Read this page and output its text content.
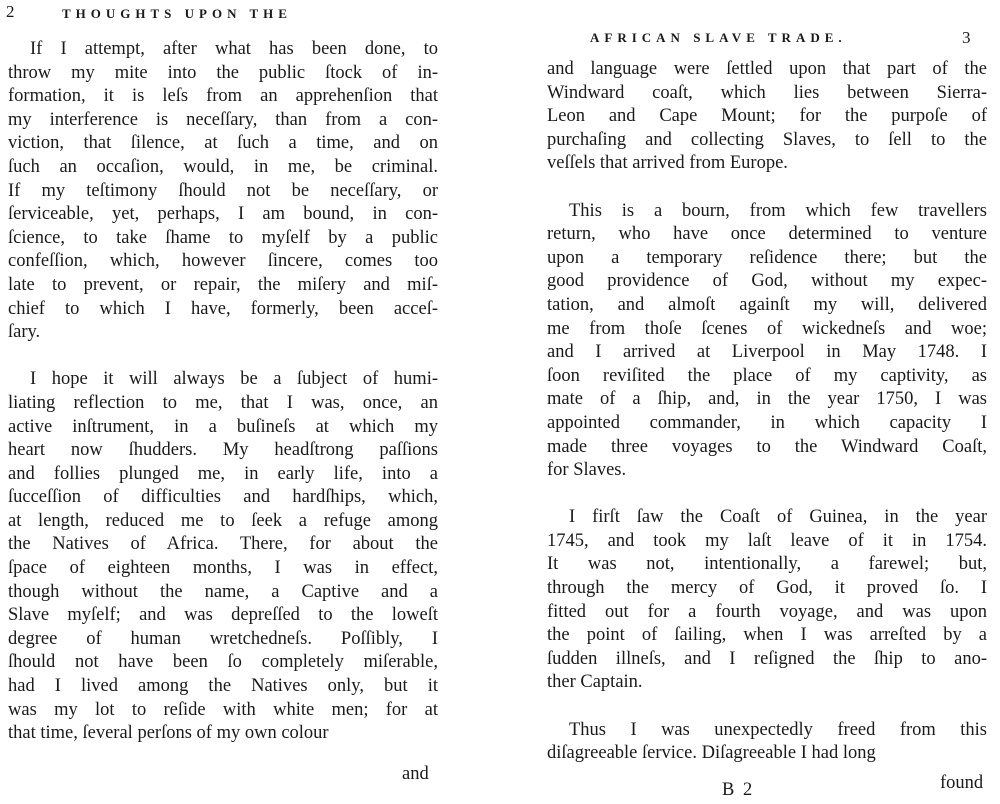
2	THOUGHTS UPON THE
If I attempt, after what has been done, to
throw my mite into the public ſtock of in-
formation, it is leſs from an apprehenſion that
my interference is neceſſary, than from a con-
viction, that ſilence, at ſuch a time, and on
ſuch an occaſion, would, in me, be criminal.
If my teſtimony ſhould not be neceſſary, or
ſerviceable, yet, perhaps, I am bound, in con-
ſcience, to take ſhame to myſelf by a public
confeſſion, which, however ſincere, comes too
late to prevent, or repair, the miſery and miſ-
chief to which I have, formerly, been acceſ-
ſary.
I hope it will always be a ſubject of humi-
liating reflection to me, that I was, once, an
active inſtrument, in a buſineſs at which my
heart now ſhudders. My headſtrong paſſions
and follies plunged me, in early life, into a
ſucceſſion of difficulties and hardſhips, which,
at length, reduced me to ſeek a refuge among
the Natives of Africa. There, for about the
ſpace of eighteen months, I was in effect,
though without the name, a Captive and a
Slave myſelf; and was depreſſed to the loweſt
degree of human wretchedneſs. Poſſibly, I
ſhould not have been ſo completely miſerable,
had I lived among the Natives only, but it
was my lot to reſide with white men; for at
that time, ſeveral perſons of my own colour
and
AFRICAN SLAVE TRADE.	3
and language were ſettled upon that part of the
Windward coaſt, which lies between Sierra-
Leon and Cape Mount; for the purpoſe of
purchaſing and collecting Slaves, to ſell to the
veſſels that arrived from Europe.
This is a bourn, from which few travellers
return, who have once determined to venture
upon a temporary reſidence there; but the
good providence of God, without my expec-
tation, and almoſt againſt my will, delivered
me from thoſe ſcenes of wickedneſs and woe;
and I arrived at Liverpool in May 1748. I
ſoon reviſited the place of my captivity, as
mate of a ſhip, and, in the year 1750, I was
appointed commander, in which capacity I
made three voyages to the Windward Coaſt,
for Slaves.
I firſt ſaw the Coaſt of Guinea, in the year
1745, and took my laſt leave of it in 1754.
It was not, intentionally, a farewel; but,
through the mercy of God, it proved ſo. I
fitted out for a fourth voyage, and was upon
the point of ſailing, when I was arreſted by a
ſudden illneſs, and I reſigned the ſhip to ano-
ther Captain.
Thus I was unexpectedly freed from this
diſagreeable ſervice. Diſagreeable I had long
B 2	found
